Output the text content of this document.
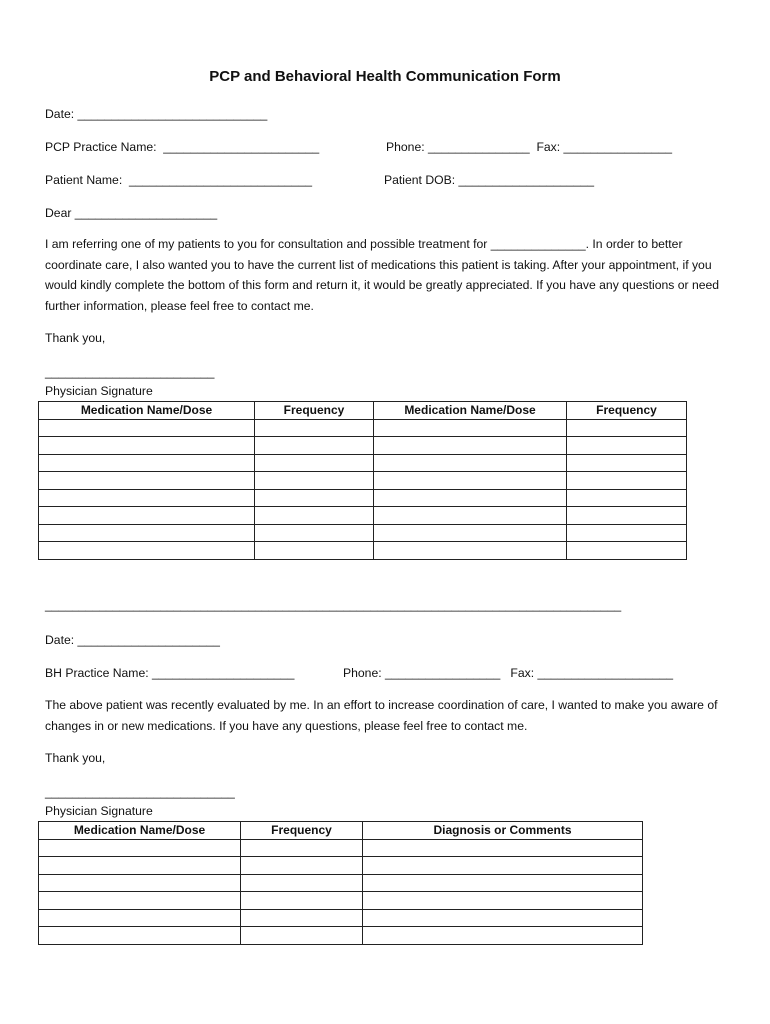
PCP and Behavioral Health Communication Form
Date: ____________________________
PCP Practice Name:  _______________________	Phone: _______________  Fax: ________________
Patient Name:  ___________________________	Patient DOB: ____________________
Dear _____________________

I am referring one of my patients to you for consultation and possible treatment for ______________. In order to better coordinate care, I also wanted you to have the current list of medications this patient is taking. After your appointment, if you would kindly complete the bottom of this form and return it, it would be greatly appreciated. If you have any questions or need further information, please feel free to contact me.

Thank you,
_________________________
Physician Signature
Medication Name/Dose	Frequency	Medication Name/Dose	Frequency

_____________________________________________________________________________________
Date: _____________________
BH Practice Name: _____________________	Phone: _________________   Fax: ____________________

The above patient was recently evaluated by me. In an effort to increase coordination of care, I wanted to make you aware of changes in or new medications. If you have any questions, please feel free to contact me.

Thank you,
____________________________
Physician Signature
Medication Name/Dose	Frequency	Diagnosis or Comments
